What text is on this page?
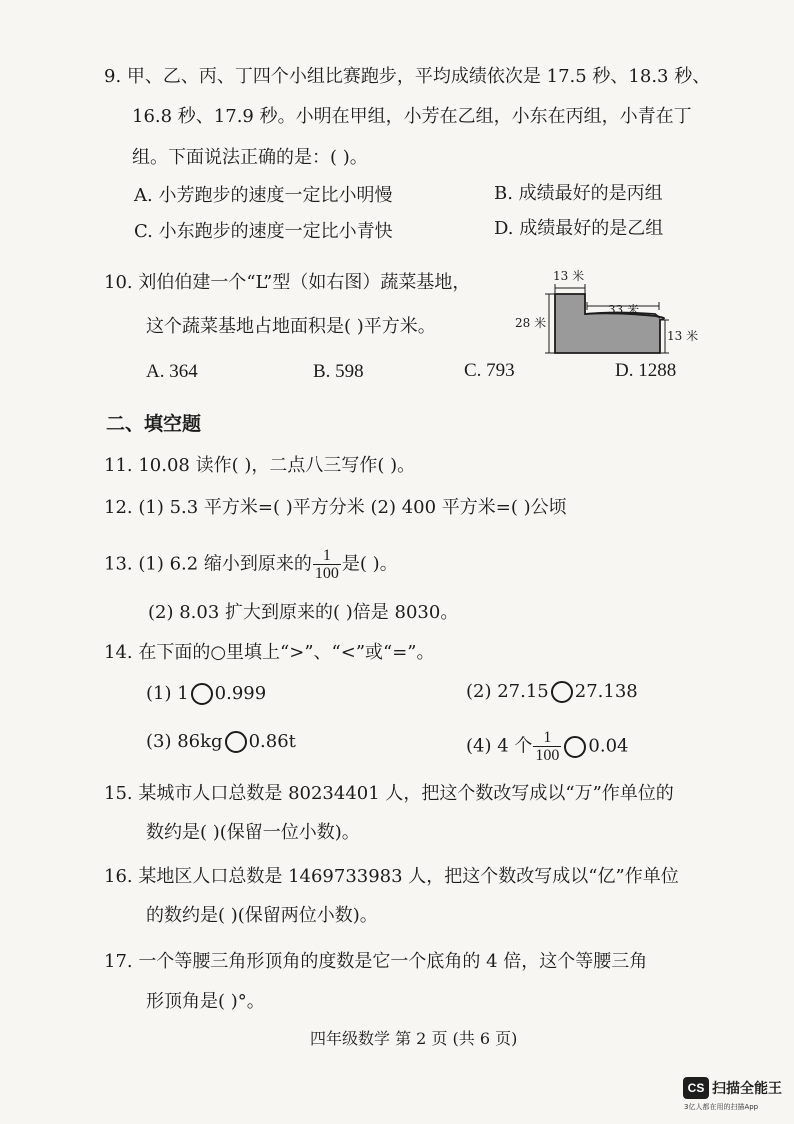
9. 甲、乙、丙、丁四个小组比赛跑步，平均成绩依次是 17.5 秒、18.3 秒、
16.8 秒、17.9 秒。小明在甲组，小芳在乙组，小东在丙组，小青在丁
组。下面说法正确的是：( )。
A. 小芳跑步的速度一定比小明慢	B. 成绩最好的是丙组
C. 小东跑步的速度一定比小青快	D. 成绩最好的是乙组
10. 刘伯伯建一个“L”型（如右图）蔬菜基地，
这个蔬菜基地占地面积是( )平方米。
A. 364	B. 598	C. 793	D. 1288
13 米
28 米
33 米
13 米
二、填空题
11. 10.08 读作( )，二点八三写作( )。
12. (1) 5.3 平方米=( )平方分米 (2) 400 平方米=( )公顷
13. (1) 6.2 缩小到原来的 $\frac{1}{100}$ 是( )。
(2) 8.03 扩大到原来的( )倍是 8030。
14. 在下面的○里填上“>”、“<”或“=”。
(1) 1 0.999	(2) 27.15 27.138
(3) 86kg 0.86t	(4) 4 个 $\frac{1}{100} 0.04$
15. 某城市人口总数是 80234401 人，把这个数改写成以“万”作单位的
数约是( )(保留一位小数)。
16. 某地区人口总数是 1469733983 人，把这个数改写成以“亿”作单位
的数约是( )(保留两位小数)。
17. 一个等腰三角形顶角的度数是它一个底角的 4 倍，这个等腰三角
形顶角是( )°。
四年级数学 第 2 页 (共 6 页)
CS 扫描全能王
3亿人都在用的扫描App
